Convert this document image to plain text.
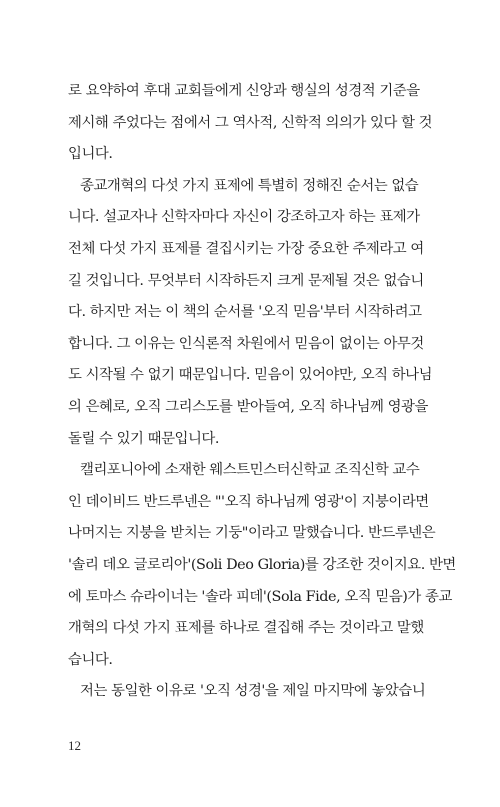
로 요약하여 후대 교회들에게 신앙과 행실의 성경적 기준을
제시해 주었다는 점에서 그 역사적, 신학적 의의가 있다 할 것
입니다.
종교개혁의 다섯 가지 표제에 특별히 정해진 순서는 없습
니다. 설교자나 신학자마다 자신이 강조하고자 하는 표제가
전체 다섯 가지 표제를 결집시키는 가장 중요한 주제라고 여
길 것입니다. 무엇부터 시작하든지 크게 문제될 것은 없습니
다. 하지만 저는 이 책의 순서를 '오직 믿음'부터 시작하려고
합니다. 그 이유는 인식론적 차원에서 믿음이 없이는 아무것
도 시작될 수 없기 때문입니다. 믿음이 있어야만, 오직 하나님
의 은혜로, 오직 그리스도를 받아들여, 오직 하나님께 영광을
돌릴 수 있기 때문입니다.
캘리포니아에 소재한 웨스트민스터신학교 조직신학 교수
인 데이비드 반드루넨은 "'오직 하나님께 영광'이 지붕이라면
나머지는 지붕을 받치는 기둥"이라고 말했습니다. 반드루넨은
'솔리 데오 글로리아'(Soli Deo Gloria)를 강조한 것이지요. 반면
에 토마스 슈라이너는 '솔라 피데'(Sola Fide, 오직 믿음)가 종교
개혁의 다섯 가지 표제를 하나로 결집해 주는 것이라고 말했
습니다.
저는 동일한 이유로 '오직 성경'을 제일 마지막에 놓았습니
12
